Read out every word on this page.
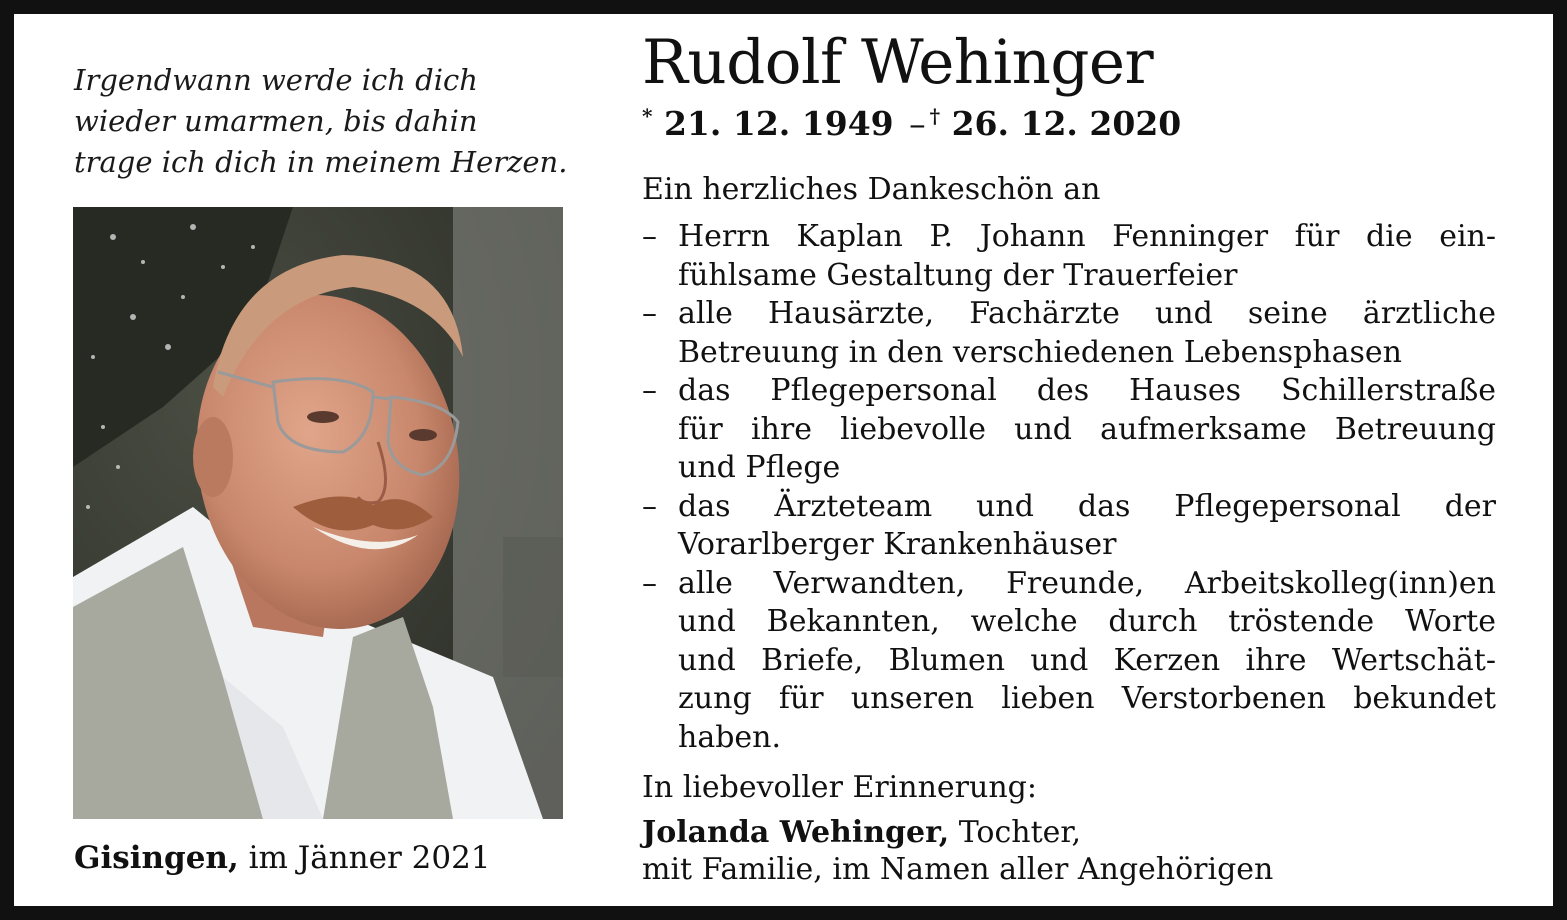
Irgendwann werde ich dich
wieder umarmen, bis dahin
trage ich dich in meinem Herzen.
Gisingen, im Jänner 2021
Rudolf Wehinger
* 21. 12. 1949 – † 26. 12. 2020
Ein herzliches Dankeschön an
– Herrn Kaplan P. Johann Fenninger für die ein-
fühlsame Gestaltung der Trauerfeier
– alle Hausärzte, Fachärzte und seine ärztliche
Betreuung in den verschiedenen Lebensphasen
– das Pflegepersonal des Hauses Schillerstraße
für ihre liebevolle und aufmerksame Betreuung
und Pflege
– das Ärzteteam und das Pflegepersonal der
Vorarlberger Krankenhäuser
– alle Verwandten, Freunde, Arbeitskolleg(inn)en
und Bekannten, welche durch tröstende Worte
und Briefe, Blumen und Kerzen ihre Wertschät-
zung für unseren lieben Verstorbenen bekundet
haben.
In liebevoller Erinnerung:
Jolanda Wehinger, Tochter,
mit Familie, im Namen aller Angehörigen
